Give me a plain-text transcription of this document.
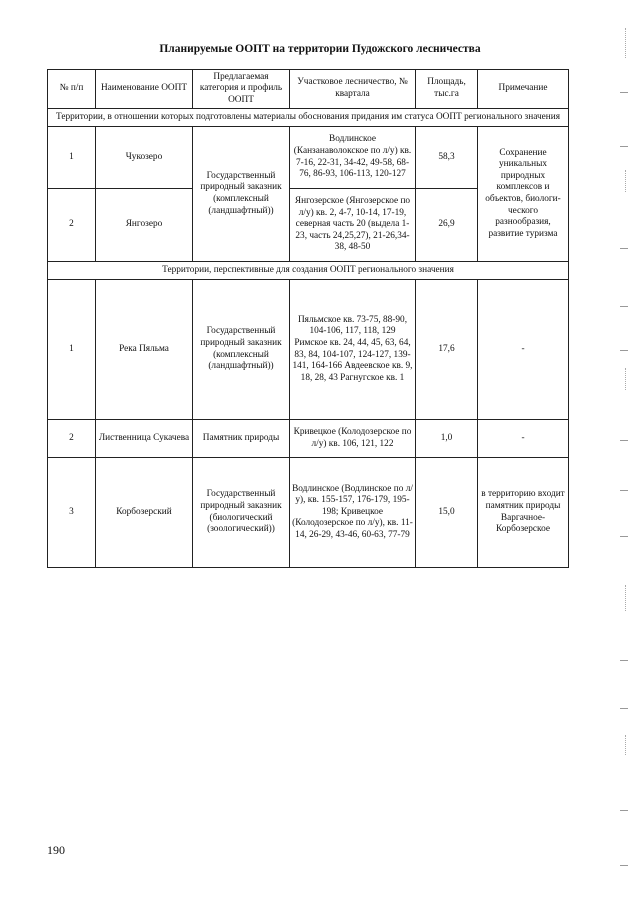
Планируемые ООПТ на территории Пудожского лесничества
№ п/п	Наименование ООПТ	Предлагаемая категория и профиль ООПТ	Участковое лесничество, № квартала	Площадь, тыс.га	Примечание
Территории, в отношении которых подготовлены материалы обоснования придания им статуса ООПТ регионального значения					
1	Чукозеро	Государственный природный заказник (комплексный (ландшафтный))	Водлинское (Канзанаволокское по л/у) кв. 7-16, 22-31, 34-42, 49-58, 68-76, 86-93, 106-113, 120-127	58,3	Сохранение уникальных природных комплексов и объектов, биологи-ческого разнообразия, развитие туризма
2	Янгозеро		Янгозерское (Янгозерское по л/у) кв. 2, 4-7, 10-14, 17-19, северная часть 20 (выдела 1-23, часть 24,25,27), 21-26,34-38, 48-50	26,9	
Территории, перспективные для создания ООПТ регионального значения					
1	Река Пяльма	Государственный природный заказник (комплексный (ландшафтный))	Пяльмское кв. 73-75, 88-90, 104-106, 117, 118, 129 Римское кв. 24, 44, 45, 63, 64, 83, 84, 104-107, 124-127, 139-141, 164-166 Авдеевское кв. 9, 18, 28, 43 Рагнугское кв. 1	17,6	-
2	Лиственница Сукачева	Памятник природы	Кривецкое (Колодозерское по л/у) кв. 106, 121, 122	1,0	-
3	Корбозерский	Государственный природный заказник (биологический (зоологический))	Водлинское (Водлинское по л/у), кв. 155-157, 176-179, 195-198; Кривецкое (Колодозерское по л/у), кв. 11-14, 26-29, 43-46, 60-63, 77-79	15,0	в территорию входит памятник природы Варгачное-Корбозерское
190
